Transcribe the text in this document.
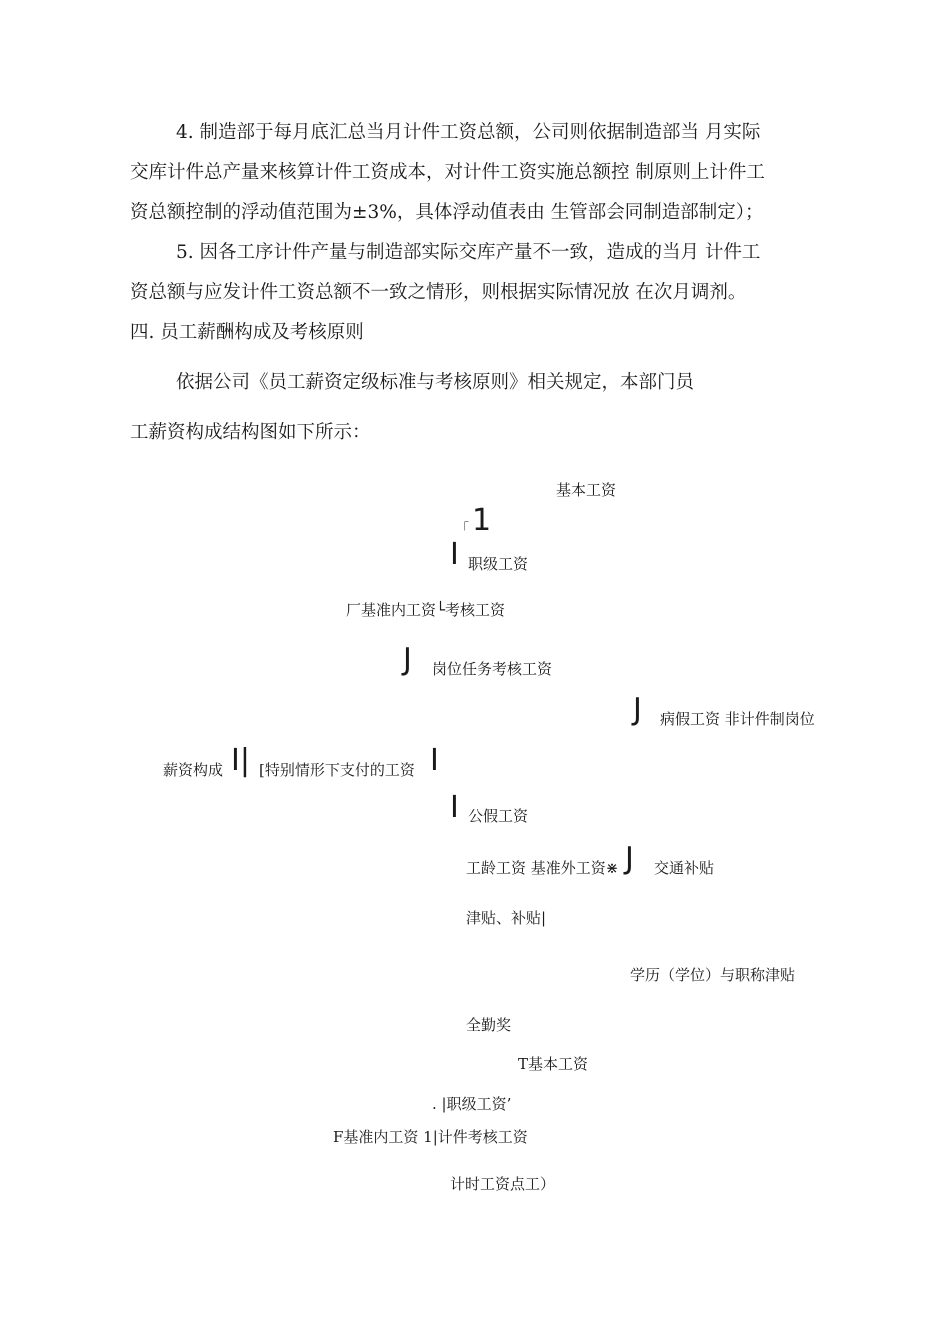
4. 制造部于每月底汇总当月计件工资总额，公司则依据制造部当 月实际
交库计件总产量来核算计件工资成本，对计件工资实施总额控 制原则上计件工
资总额控制的浮动值范围为±3%，具体浮动值表由 生管部会同制造部制定）；
5. 因各工序计件产量与制造部实际交库产量不一致，造成的当月 计件工
资总额与应发计件工资总额不一致之情形，则根据实际情况放 在次月调剂。
四. 员工薪酬构成及考核原则
依据公司《员工薪资定级标准与考核原则》相关规定，本部门员
工薪资构成结构图如下所示：
基本工资
「 1
I 职级工资
厂基准内工资└考核工资
J 岗位任务考核工资
J 病假工资 非计件制岗位
薪资构成 I| [特别情形下支付的工资 I
I 公假工资
工龄工资 基准外工资⋇ J 交通补贴
津贴、补贴|
学历（学位）与职称津贴
全勤奖
T基本工资
. |职级工资’
F基准内工资 1|计件考核工资
计时工资点工）
